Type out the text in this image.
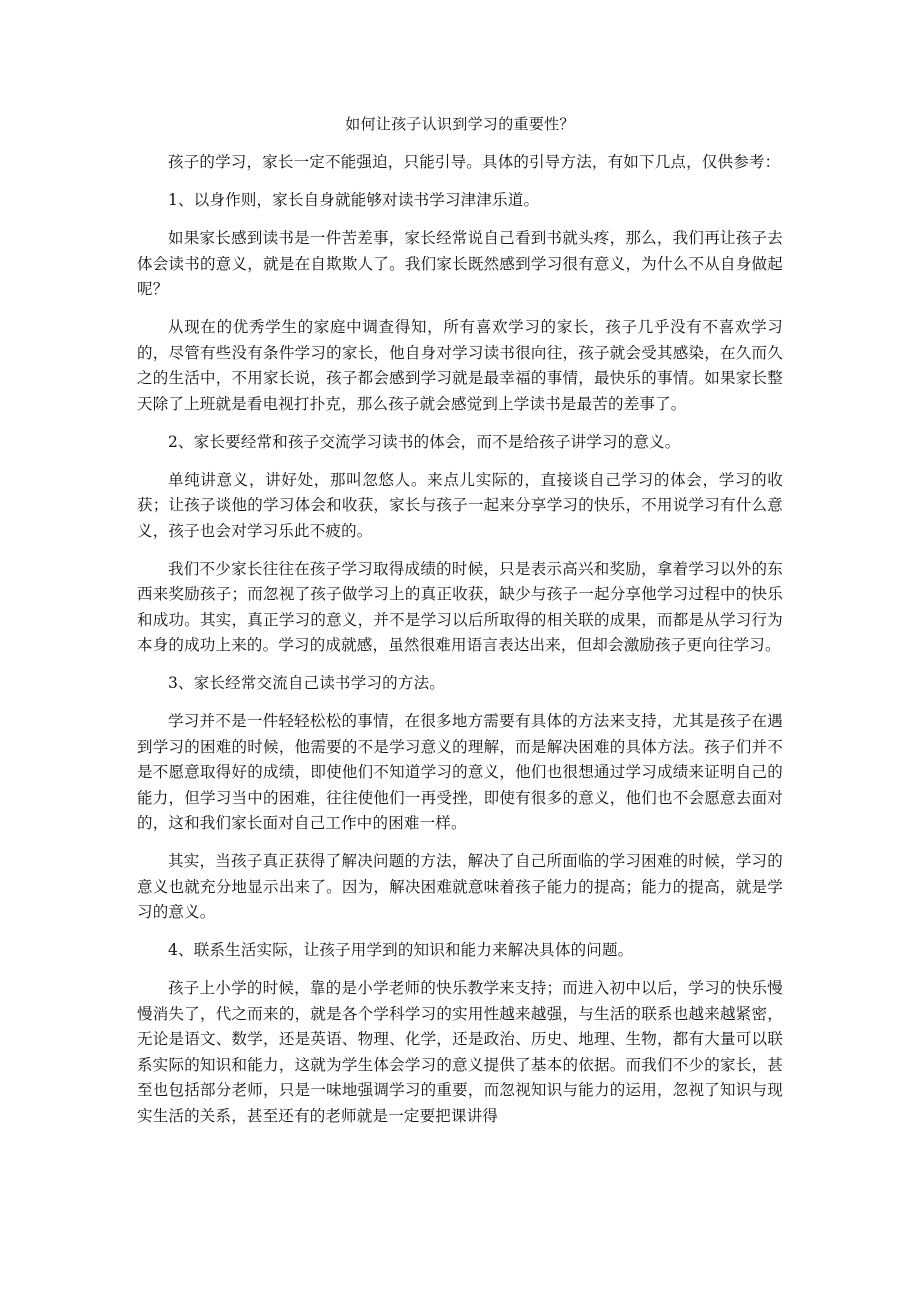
如何让孩子认识到学习的重要性？

孩子的学习，家长一定不能强迫，只能引导。具体的引导方法，有如下几点，仅供参考：

1、以身作则，家长自身就能够对读书学习津津乐道。

如果家长感到读书是一件苦差事，家长经常说自己看到书就头疼，那么，我们再让孩子去体会读书的意义，就是在自欺欺人了。我们家长既然感到学习很有意义，为什么不从自身做起呢？

从现在的优秀学生的家庭中调查得知，所有喜欢学习的家长，孩子几乎没有不喜欢学习的，尽管有些没有条件学习的家长，他自身对学习读书很向往，孩子就会受其感染，在久而久之的生活中，不用家长说，孩子都会感到学习就是最幸福的事情，最快乐的事情。如果家长整天除了上班就是看电视打扑克，那么孩子就会感觉到上学读书是最苦的差事了。

2、家长要经常和孩子交流学习读书的体会，而不是给孩子讲学习的意义。

单纯讲意义，讲好处，那叫忽悠人。来点儿实际的，直接谈自己学习的体会，学习的收获；让孩子谈他的学习体会和收获，家长与孩子一起来分享学习的快乐，不用说学习有什么意义，孩子也会对学习乐此不疲的。

我们不少家长往往在孩子学习取得成绩的时候，只是表示高兴和奖励，拿着学习以外的东西来奖励孩子；而忽视了孩子做学习上的真正收获，缺少与孩子一起分享他学习过程中的快乐和成功。其实，真正学习的意义，并不是学习以后所取得的相关联的成果，而都是从学习行为本身的成功上来的。学习的成就感，虽然很难用语言表达出来，但却会激励孩子更向往学习。

3、家长经常交流自己读书学习的方法。

学习并不是一件轻轻松松的事情，在很多地方需要有具体的方法来支持，尤其是孩子在遇到学习的困难的时候，他需要的不是学习意义的理解，而是解决困难的具体方法。孩子们并不是不愿意取得好的成绩，即使他们不知道学习的意义，他们也很想通过学习成绩来证明自己的能力，但学习当中的困难，往往使他们一再受挫，即使有很多的意义，他们也不会愿意去面对的，这和我们家长面对自己工作中的困难一样。

其实，当孩子真正获得了解决问题的方法，解决了自己所面临的学习困难的时候，学习的意义也就充分地显示出来了。因为，解决困难就意味着孩子能力的提高；能力的提高，就是学习的意义。

4、联系生活实际，让孩子用学到的知识和能力来解决具体的问题。

孩子上小学的时候，靠的是小学老师的快乐教学来支持；而进入初中以后，学习的快乐慢慢消失了，代之而来的，就是各个学科学习的实用性越来越强，与生活的联系也越来越紧密，无论是语文、数学，还是英语、物理、化学，还是政治、历史、地理、生物，都有大量可以联系实际的知识和能力，这就为学生体会学习的意义提供了基本的依据。而我们不少的家长，甚至也包括部分老师，只是一味地强调学习的重要，而忽视知识与能力的运用，忽视了知识与现实生活的关系，甚至还有的老师就是一定要把课讲得
